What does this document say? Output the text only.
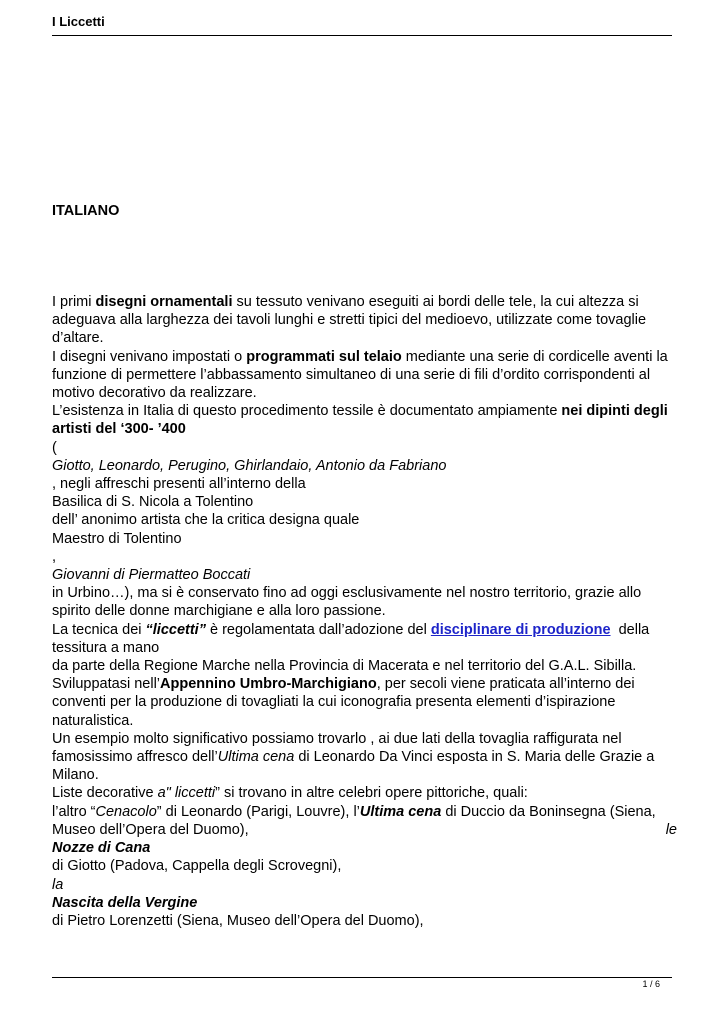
I Liccetti
ITALIANO

I primi disegni ornamentali su tessuto venivano eseguiti ai bordi delle tele, la cui altezza si adeguava alla larghezza dei tavoli lunghi e stretti tipici del medioevo, utilizzate come tovaglie d’altare.

I disegni venivano impostati o programmati sul telaio mediante una serie di cordicelle aventi la funzione di permettere l’abbassamento simultaneo di una serie di fili d’ordito corrispondenti al motivo decorativo da realizzare.

L’esistenza in Italia di questo procedimento tessile è documentato ampiamente nei dipinti degli artisti del ‘300- ’400

(

Giotto, Leonardo, Perugino, Ghirlandaio, Antonio da Fabriano

, negli affreschi presenti all’interno della

Basilica di S. Nicola a Tolentino

dell’ anonimo artista che la critica designa quale

Maestro di Tolentino

,

Giovanni di Piermatteo Boccati

in Urbino…), ma si è conservato fino ad oggi esclusivamente nel nostro territorio, grazie allo spirito delle donne marchigiane e alla loro passione.

La tecnica dei “liccetti” è regolamentata dall’adozione del disciplinare di produzione  della tessitura a mano

da parte della Regione Marche nella Provincia di Macerata e nel territorio del G.A.L. Sibilla.

Sviluppatasi nell’Appennino Umbro-Marchigiano, per secoli viene praticata all’interno dei conventi per la produzione di tovagliati la cui iconografia presenta elementi d’ispirazione naturalistica.

Un esempio molto significativo possiamo trovarlo , ai due lati della tovaglia raffigurata nel famosissimo affresco dell’Ultima cena di Leonardo Da Vinci esposta in S. Maria delle Grazie a Milano.

Liste decorative a" liccetti” si trovano in altre celebri opere pittoriche, quali:

l’altro “Cenacolo” di Leonardo (Parigi, Louvre), l’Ultima cena di Duccio da Boninsegna (Siena, Museo dell’Opera del Duomo),	le

Nozze di Cana

di Giotto (Padova, Cappella degli Scrovegni),

la

Nascita della Vergine

di Pietro Lorenzetti (Siena, Museo dell’Opera del Duomo),

1 / 6
